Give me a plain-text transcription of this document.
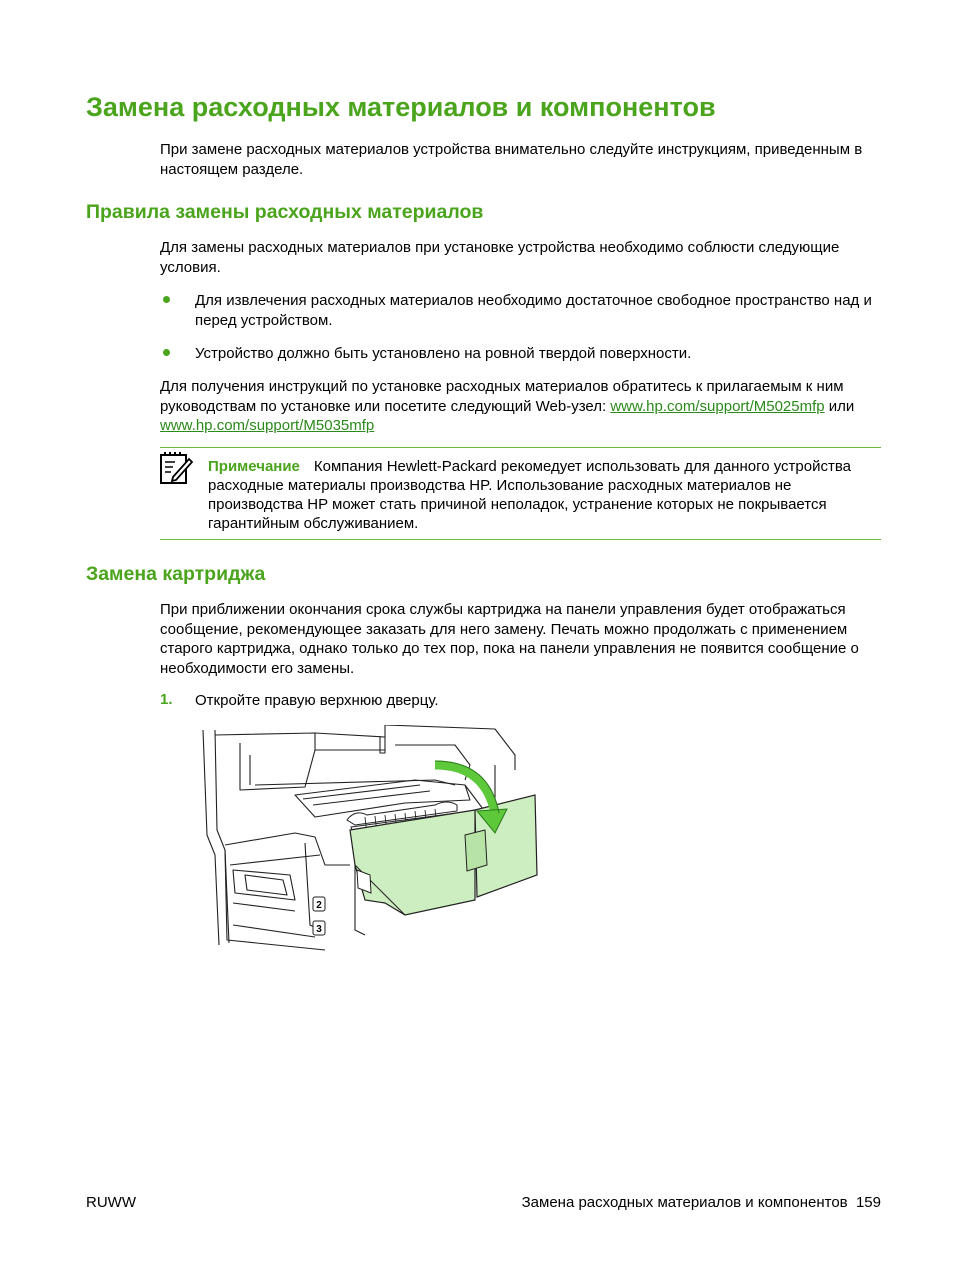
Замена расходных материалов и компонентов

При замене расходных материалов устройства внимательно следуйте инструкциям, приведенным в настоящем разделе.

Правила замены расходных материалов

Для замены расходных материалов при установке устройства необходимо соблюсти следующие условия.

Для извлечения расходных материалов необходимо достаточное свободное пространство над и перед устройством.

Устройство должно быть установлено на ровной твердой поверхности.

Для получения инструкций по установке расходных материалов обратитесь к прилагаемым к ним руководствам по установке или посетите следующий Web-узел: www.hp.com/support/M5025mfp или www.hp.com/support/M5035mfp

Примечание Компания Hewlett-Packard рекомедует использовать для данного устройства расходные материалы производства HP. Использование расходных материалов не производства HP может стать причиной неполадок, устранение которых не покрывается гарантийным обслуживанием.

Замена картриджа

При приближении окончания срока службы картриджа на панели управления будет отображаться сообщение, рекомендующее заказать для него замену. Печать можно продолжать с применением старого картриджа, однако только до тех пор, пока на панели управления не появится сообщение о необходимости его замены.

1. Откройте правую верхнюю дверцу.

2
3
RUWW	Замена расходных материалов и компонентов 159
